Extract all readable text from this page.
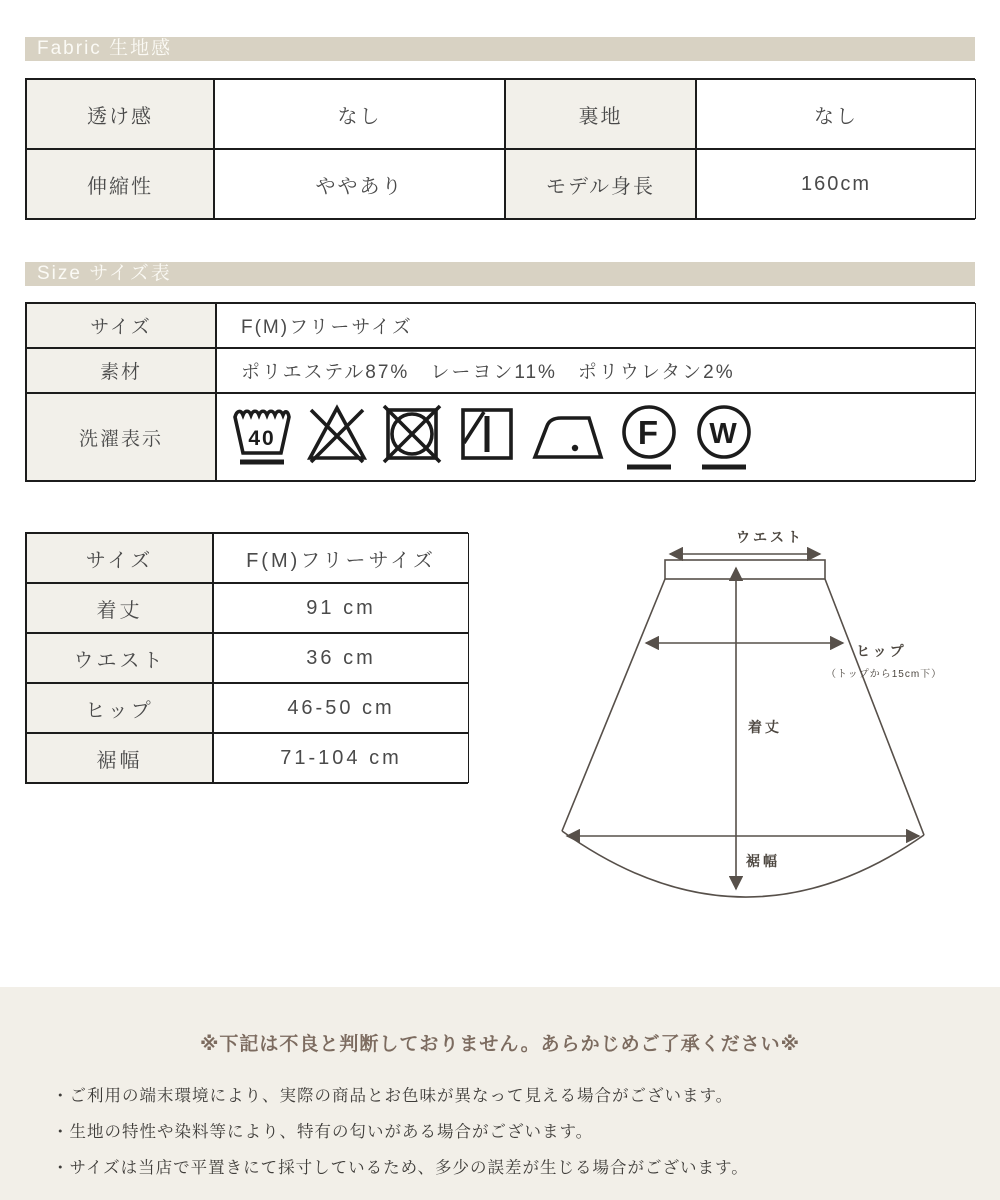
Fabric 生地感
透け感	なし	裏地	なし
伸縮性	ややあり	モデル身長	160cm
Size サイズ表
サイズ	F(M)フリーサイズ
素材	ポリエステル87%　レーヨン11%　ポリウレタン2%
洗濯表示	40	F W
サイズ	F(M)フリーサイズ
着丈	91 cm
ウエスト	36 cm
ヒップ	46-50 cm
裾幅	71-104 cm
ウエスト
ヒップ
（トップから15cm下）
着丈
裾幅
※下記は不良と判断しておりません。あらかじめご了承ください※
・ご利用の端末環境により、実際の商品とお色味が異なって見える場合がございます。
・生地の特性や染料等により、特有の匂いがある場合がございます。
・サイズは当店で平置きにて採寸しているため、多少の誤差が生じる場合がございます。
